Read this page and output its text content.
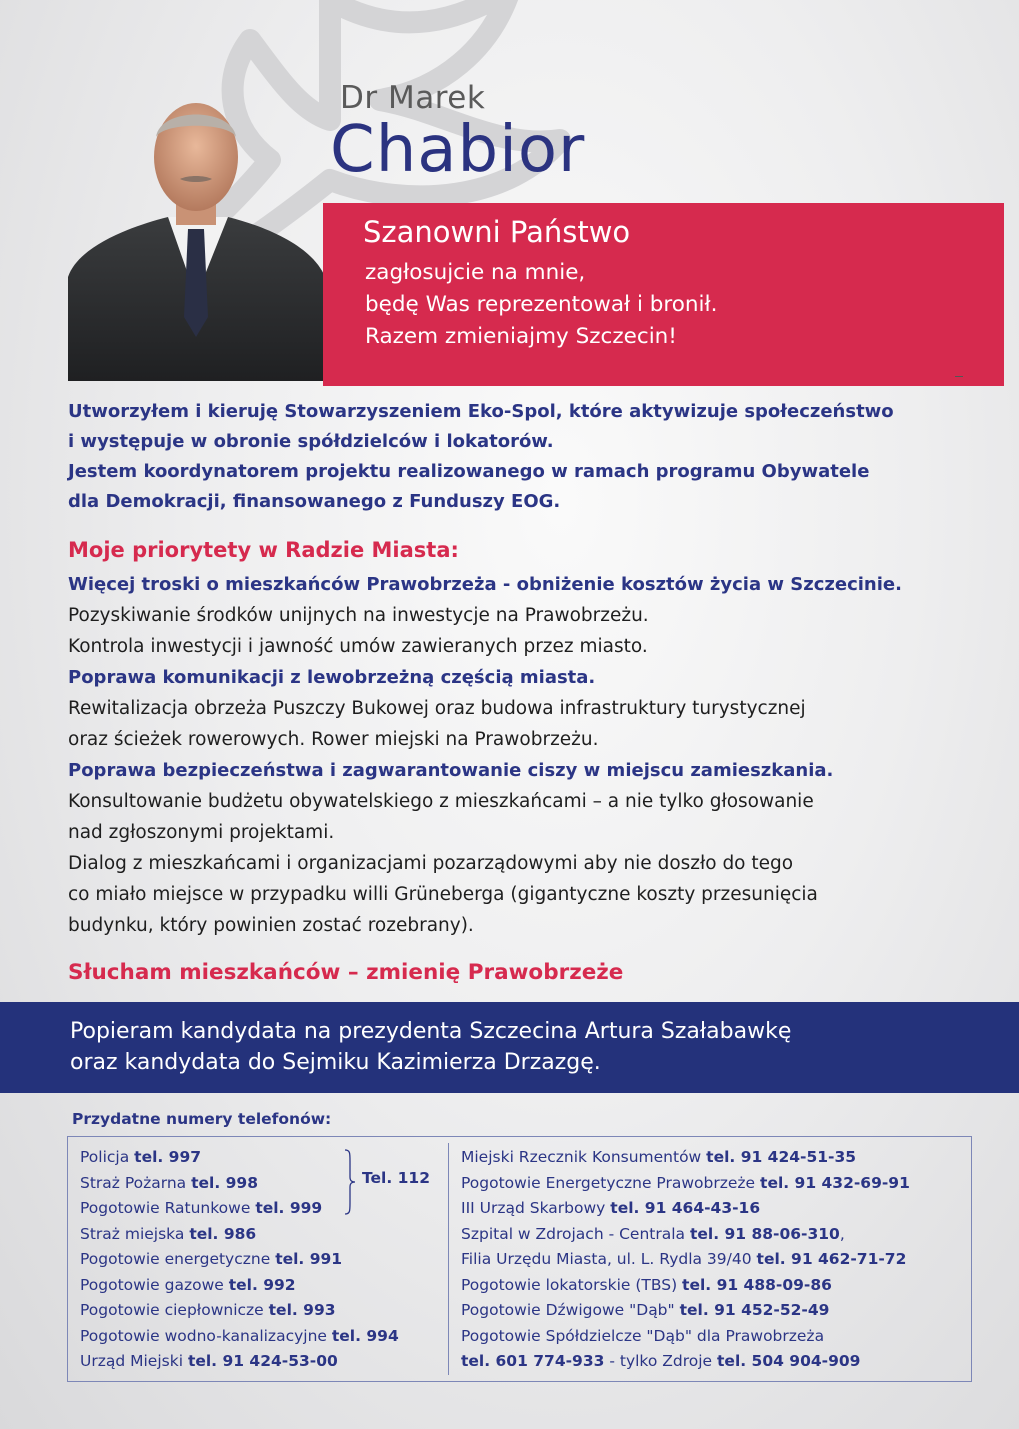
Dr Marek
Chabior
Szanowni Państwo
zagłosujcie na mnie,
będę Was reprezentował i bronił.
Razem zmieniajmy Szczecin!
Utworzyłem i kieruję Stowarzyszeniem Eko-Spol, które aktywizuje społeczeństwo
i występuje w obronie spółdzielców i lokatorów.
Jestem koordynatorem projektu realizowanego w ramach programu Obywatele
dla Demokracji, finansowanego z Funduszy EOG.
Moje priorytety w Radzie Miasta:
Więcej troski o mieszkańców Prawobrzeża - obniżenie kosztów życia w Szczecinie.
Pozyskiwanie środków unijnych na inwestycje na Prawobrzeżu.
Kontrola inwestycji i jawność umów zawieranych przez miasto.
Poprawa komunikacji z lewobrzeżną częścią miasta.
Rewitalizacja obrzeża Puszczy Bukowej oraz budowa infrastruktury turystycznej
oraz ścieżek rowerowych. Rower miejski na Prawobrzeżu.
Poprawa bezpieczeństwa i zagwarantowanie ciszy w miejscu zamieszkania.
Konsultowanie budżetu obywatelskiego z mieszkańcami – a nie tylko głosowanie
nad zgłoszonymi projektami.
Dialog z mieszkańcami i organizacjami pozarządowymi aby nie doszło do tego
co miało miejsce w przypadku willi Grüneberga (gigantyczne koszty przesunięcia
budynku, który powinien zostać rozebrany).
Słucham mieszkańców – zmienię Prawobrzeże
Popieram kandydata na prezydenta Szczecina Artura Szałabawkę
oraz kandydata do Sejmiku Kazimierza Drzazgę.
Przydatne numery telefonów:
Policja tel. 997
Straż Pożarna tel. 998
Pogotowie Ratunkowe tel. 999
Straż miejska tel. 986
Pogotowie energetyczne tel. 991
Pogotowie gazowe tel. 992
Pogotowie ciepłownicze tel. 993
Pogotowie wodno-kanalizacyjne tel. 994
Urząd Miejski tel. 91 424-53-00
Tel. 112
Miejski Rzecznik Konsumentów tel. 91 424-51-35
Pogotowie Energetyczne Prawobrzeże tel. 91 432-69-91
III Urząd Skarbowy tel. 91 464-43-16
Szpital w Zdrojach - Centrala tel. 91 88-06-310,
Filia Urzędu Miasta, ul. L. Rydla 39/40 tel. 91 462-71-72
Pogotowie lokatorskie (TBS) tel. 91 488-09-86
Pogotowie Dźwigowe "Dąb" tel. 91 452-52-49
Pogotowie Spółdzielcze "Dąb" dla Prawobrzeża
tel. 601 774-933 - tylko Zdroje tel. 504 904-909
